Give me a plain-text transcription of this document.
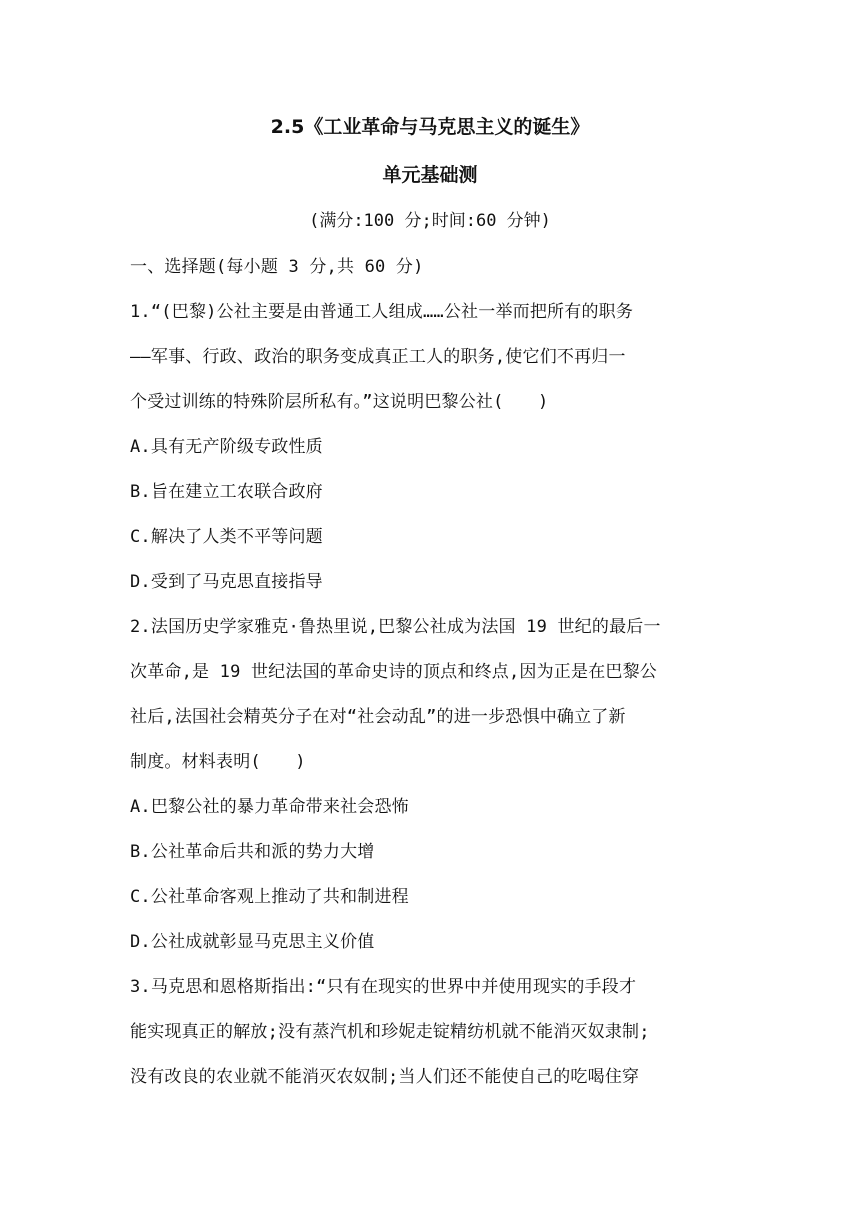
2.5《工业革命与马克思主义的诞生》
单元基础测
(满分:100 分;时间:60 分钟)
一、选择题(每小题 3 分,共 60 分)
1.“(巴黎)公社主要是由普通工人组成……公社一举而把所有的职务
——军事、行政、政治的职务变成真正工人的职务,使它们不再归一
个受过训练的特殊阶层所私有。”这说明巴黎公社(　　)
A.具有无产阶级专政性质
B.旨在建立工农联合政府
C.解决了人类不平等问题
D.受到了马克思直接指导
2.法国历史学家雅克·鲁热里说,巴黎公社成为法国 19 世纪的最后一
次革命,是 19 世纪法国的革命史诗的顶点和终点,因为正是在巴黎公
社后,法国社会精英分子在对“社会动乱”的进一步恐惧中确立了新
制度。材料表明(　　)
A.巴黎公社的暴力革命带来社会恐怖
B.公社革命后共和派的势力大增
C.公社革命客观上推动了共和制进程
D.公社成就彰显马克思主义价值
3.马克思和恩格斯指出:“只有在现实的世界中并使用现实的手段才
能实现真正的解放;没有蒸汽机和珍妮走锭精纺机就不能消灭奴隶制;
没有改良的农业就不能消灭农奴制;当人们还不能使自己的吃喝住穿
